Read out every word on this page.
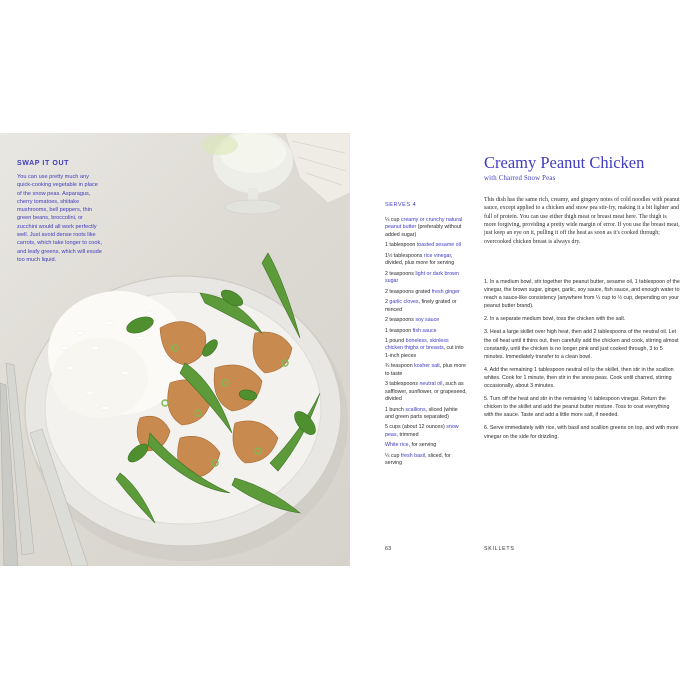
SWAP IT OUT

You can use pretty much any quick-cooking vegetable in place of the snow peas. Asparagus, cherry tomatoes, shiitake mushrooms, bell peppers, thin green beans, broccolini, or zucchini would all work perfectly well. Just avoid dense roots like carrots, which take longer to cook, and leafy greens, which will exude too much liquid.

SERVES 4

¼ cup creamy or crunchy natural peanut butter (preferably without added sugar)
1 tablespoon toasted sesame oil
1½ tablespoons rice vinegar, divided, plus more for serving
2 teaspoons light or dark brown sugar
2 teaspoons grated fresh ginger
2 garlic cloves, finely grated or minced
2 teaspoons soy sauce
1 teaspoon fish sauce
1 pound boneless, skinless chicken thighs or breasts, cut into 1-inch pieces
¾ teaspoon kosher salt, plus more to taste
3 tablespoons neutral oil, such as safflower, sunflower, or grapeseed, divided
1 bunch scallions, sliced (white and green parts separated)
5 cups (about 12 ounces) snow peas, trimmed
White rice, for serving
¼ cup fresh basil, sliced, for serving
Creamy Peanut Chicken

with Charred Snow Peas

This dish has the same rich, creamy, and gingery notes of cold noodles with peanut sauce, except applied to a chicken and snow pea stir-fry, making it a bit lighter and full of protein. You can use either thigh meat or breast meat here. The thigh is more forgiving, providing a pretty wide margin of error. If you use the breast meat, just keep an eye on it, pulling it off the heat as soon as it's cooked through; overcooked chicken breast is always dry.

1. In a medium bowl, stir together the peanut butter, sesame oil, 1 tablespoon of the vinegar, the brown sugar, ginger, garlic, soy sauce, fish sauce, and enough water to reach a sauce-like consistency (anywhere from ¼ cup to ½ cup, depending on your peanut butter brand).
2. In a separate medium bowl, toss the chicken with the salt.
3. Heat a large skillet over high heat, then add 2 tablespoons of the neutral oil. Let the oil heat until it thins out, then carefully add the chicken and cook, stirring almost constantly, until the chicken is no longer pink and just cooked through, 3 to 5 minutes. Immediately transfer to a clean bowl.
4. Add the remaining 1 tablespoon neutral oil to the skillet, then stir in the scallion whites. Cook for 1 minute, then stir in the snow peas. Cook until charred, stirring occasionally, about 3 minutes.
5. Turn off the heat and stir in the remaining ½ tablespoon vinegar. Return the chicken to the skillet and add the peanut butter mixture. Toss to coat everything with the sauce. Taste and add a little more salt, if needed.
6. Serve immediately with rice, with basil and scallion greens on top, and with more vinegar on the side for drizzling.

63	SKILLETS
